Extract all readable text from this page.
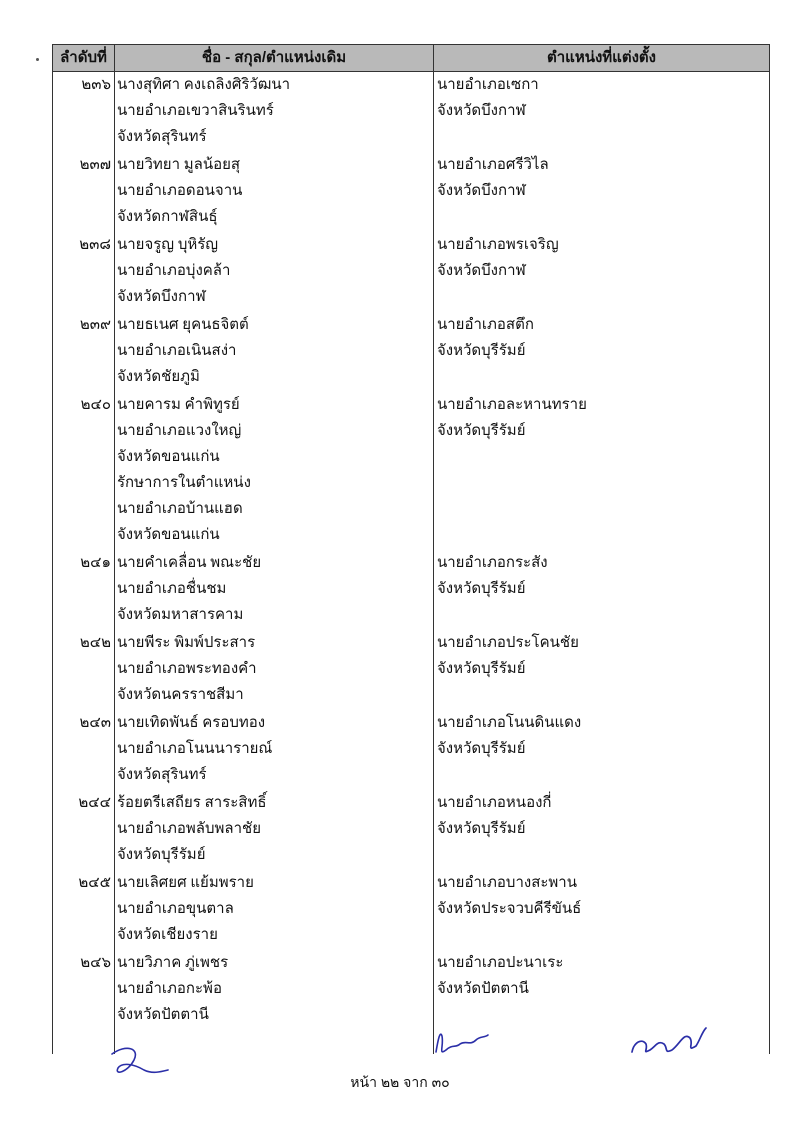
ลำดับที่	ชื่อ - สกุล/ตำแหน่งเดิม	ตำแหน่งที่แต่งตั้ง
๒๓๖ นางสุทิศา คงเถลิงศิริวัฒนา
นายอำเภอเขวาสินรินทร์
จังหวัดสุรินทร์
นายอำเภอเซกา
จังหวัดบึงกาฬ
๒๓๗ นายวิทยา มูลน้อยสุ
นายอำเภอดอนจาน
จังหวัดกาฬสินธุ์
นายอำเภอศรีวิไล
จังหวัดบึงกาฬ
๒๓๘ นายจรูญ บุหิรัญ
นายอำเภอบุ่งคล้า
จังหวัดบึงกาฬ
นายอำเภอพรเจริญ
จังหวัดบึงกาฬ
๒๓๙ นายธเนศ ยุคนธจิตต์
นายอำเภอเนินสง่า
จังหวัดชัยภูมิ
นายอำเภอสตึก
จังหวัดบุรีรัมย์
๒๔๐ นายคารม คำพิทูรย์
นายอำเภอแวงใหญ่
จังหวัดขอนแก่น
รักษาการในตำแหน่ง
นายอำเภอบ้านแฮด
จังหวัดขอนแก่น
นายอำเภอละหานทราย
จังหวัดบุรีรัมย์
๒๔๑ นายคำเคลื่อน พณะชัย
นายอำเภอชื่นชม
จังหวัดมหาสารคาม
นายอำเภอกระสัง
จังหวัดบุรีรัมย์
๒๔๒ นายพีระ พิมพ์ประสาร
นายอำเภอพระทองคำ
จังหวัดนครราชสีมา
นายอำเภอประโคนชัย
จังหวัดบุรีรัมย์
๒๔๓ นายเทิดพันธ์ ครอบทอง
นายอำเภอโนนนารายณ์
จังหวัดสุรินทร์
นายอำเภอโนนดินแดง
จังหวัดบุรีรัมย์
๒๔๔ ร้อยตรีเสถียร สาระสิทธิ์
นายอำเภอพลับพลาชัย
จังหวัดบุรีรัมย์
นายอำเภอหนองกี่
จังหวัดบุรีรัมย์
๒๔๕ นายเลิศยศ แย้มพราย
นายอำเภอขุนตาล
จังหวัดเชียงราย
นายอำเภอบางสะพาน
จังหวัดประจวบคีรีขันธ์
๒๔๖ นายวิภาค ภู่เพชร
นายอำเภอกะพ้อ
จังหวัดปัตตานี
นายอำเภอปะนาเระ
จังหวัดปัตตานี
หน้า ๒๒ จาก ๓๐
